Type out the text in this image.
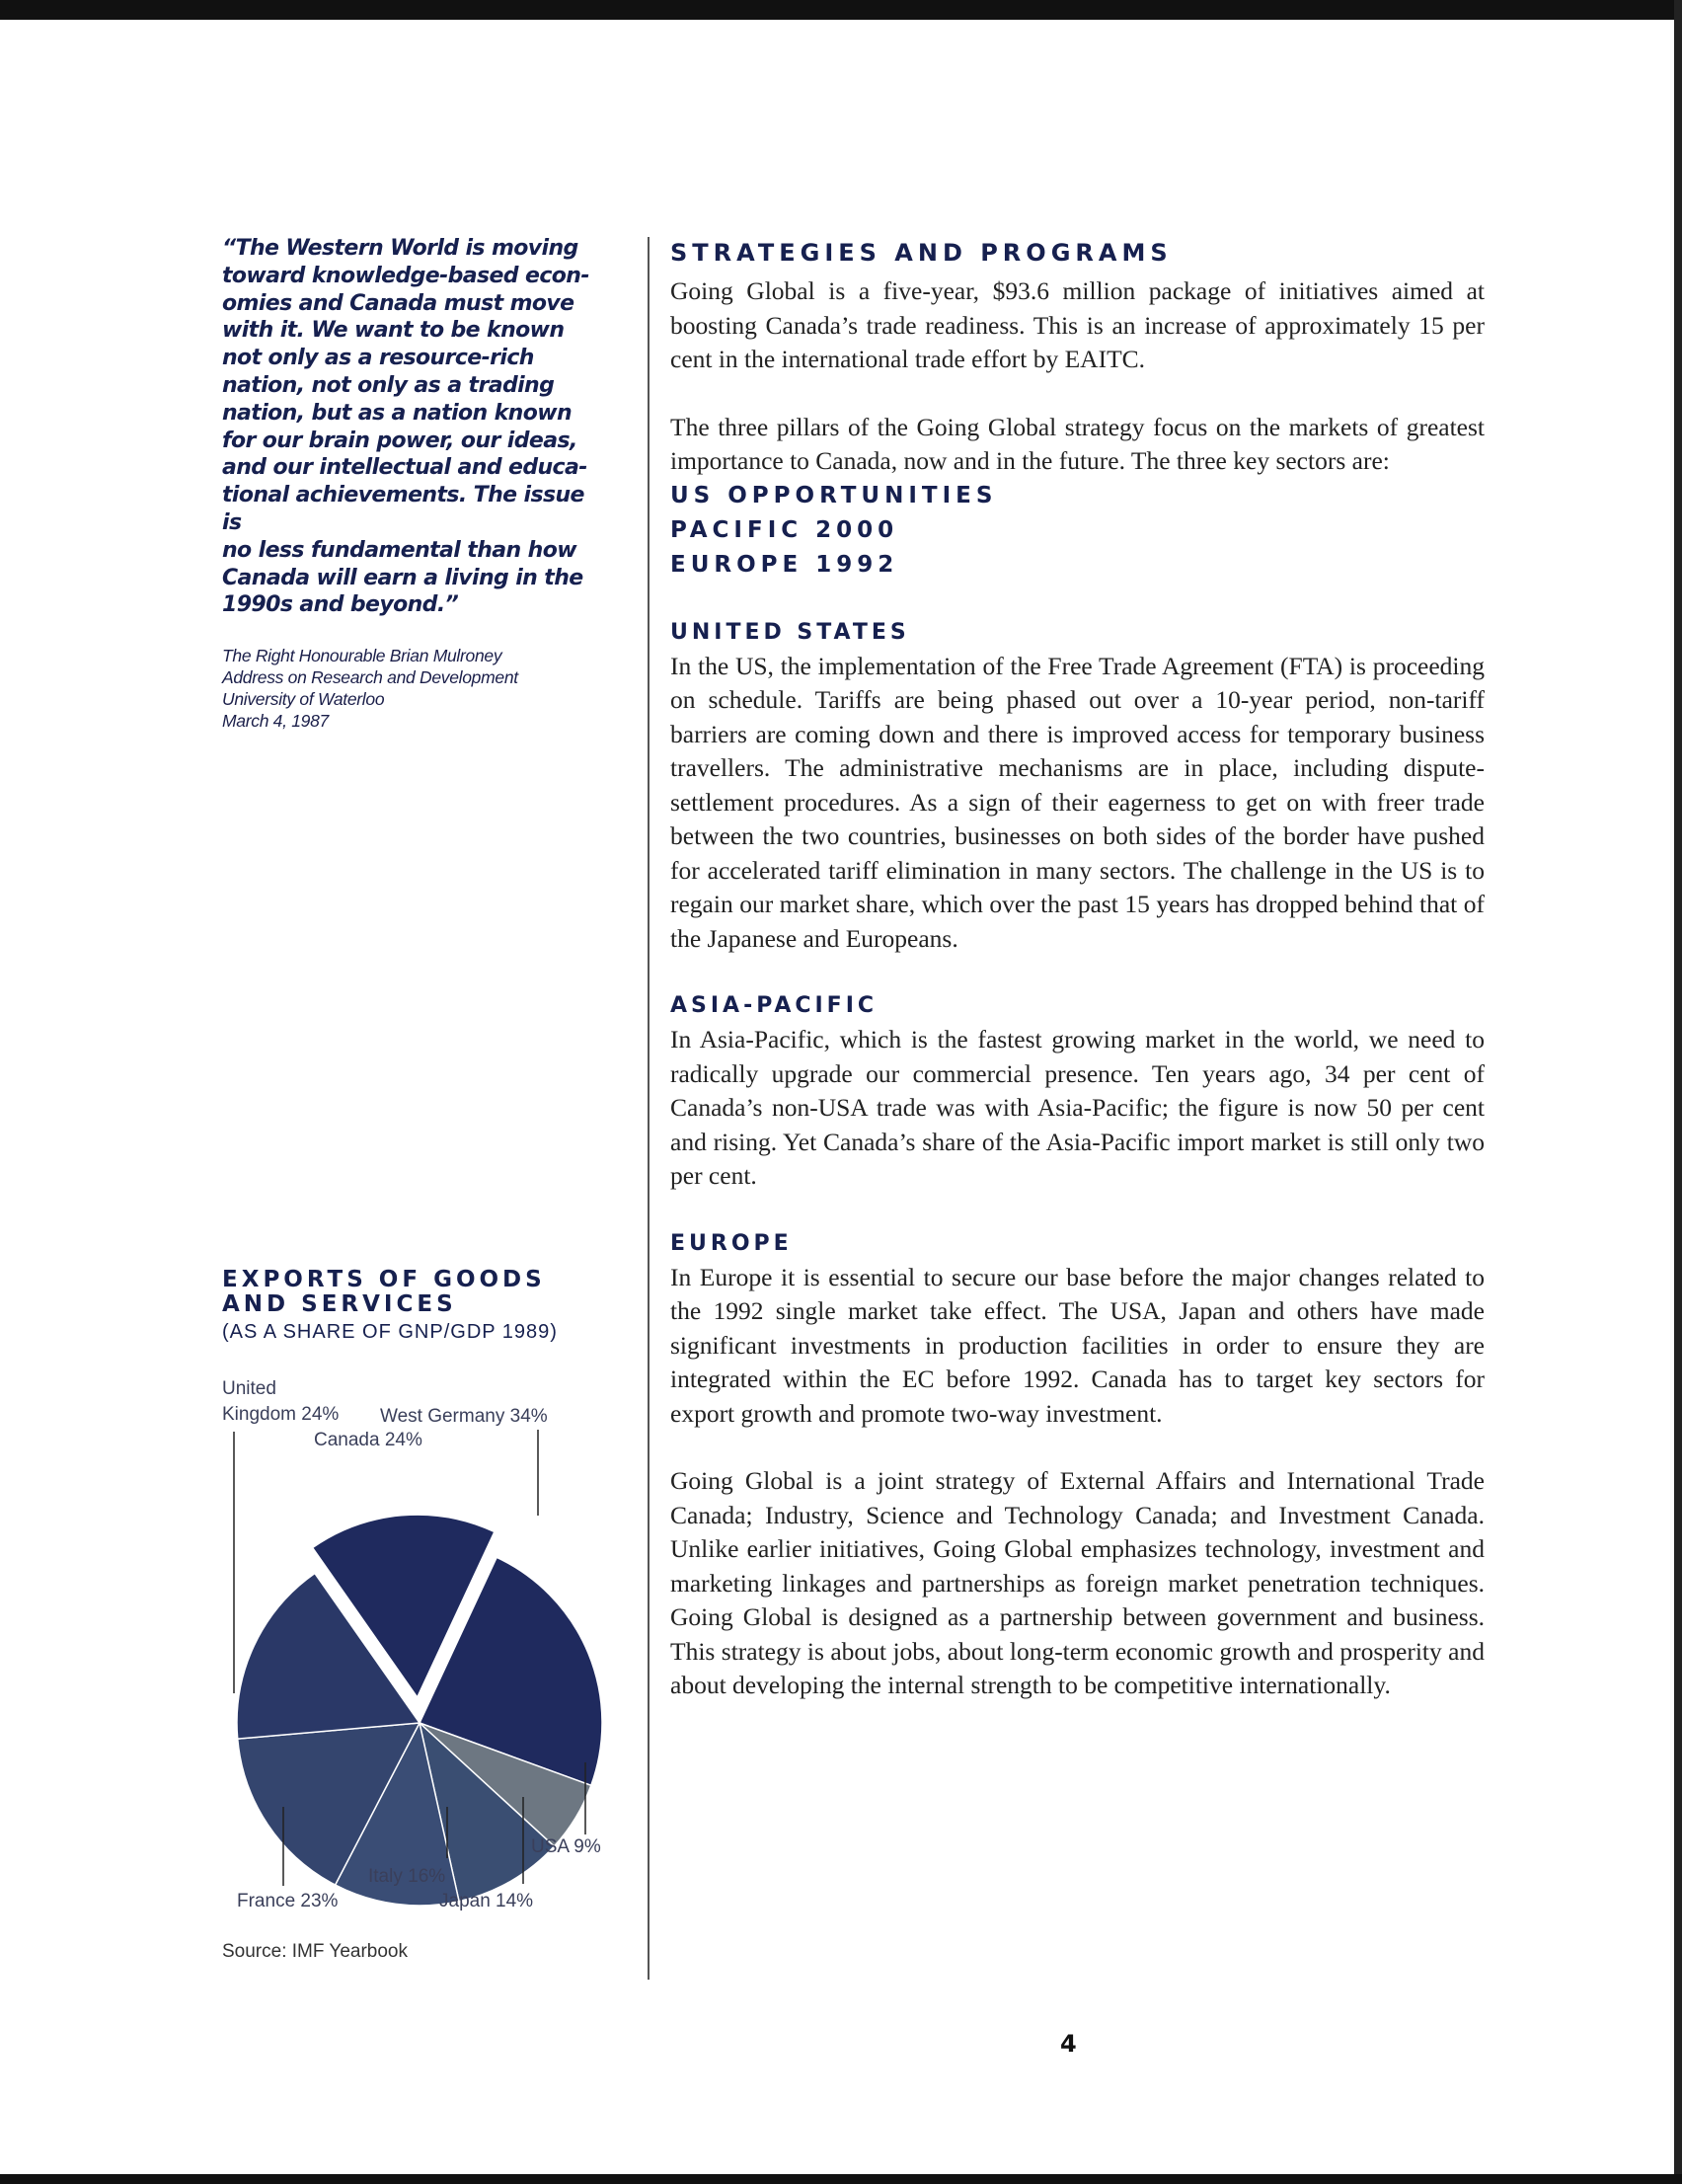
“The Western World is moving
toward knowledge-based econ-
omies and Canada must move
with it. We want to be known
not only as a resource-rich
nation, not only as a trading
nation, but as a nation known
for our brain power, our ideas,
and our intellectual and educa-
tional achievements. The issue is
no less fundamental than how
Canada will earn a living in the
1990s and beyond.”
The Right Honourable Brian Mulroney
Address on Research and Development
University of Waterloo
March 4, 1987
STRATEGIES AND PROGRAMS

Going Global is a five-year, $93.6 million package of initiatives aimed at boosting Canada’s trade readiness. This is an increase of approximately 15 per cent in the international trade effort by EAITC.

The three pillars of the Going Global strategy focus on the markets of greatest importance to Canada, now and in the future. The three key sectors are:

US OPPORTUNITIES
PACIFIC 2000
EUROPE 1992
UNITED STATES

In the US, the implementation of the Free Trade Agreement (FTA) is proceeding on schedule. Tariffs are being phased out over a 10-year period, non-tariff barriers are coming down and there is improved access for temporary business travellers. The administrative mechanisms are in place, including dispute-settlement procedures. As a sign of their eagerness to get on with freer trade between the two countries, businesses on both sides of the border have pushed for accelerated tariff elimination in many sectors. The challenge in the US is to regain our market share, which over the past 15 years has dropped behind that of the Japanese and Europeans.

ASIA-PACIFIC

In Asia-Pacific, which is the fastest growing market in the world, we need to radically upgrade our commercial presence. Ten years ago, 34 per cent of Canada’s non-USA trade was with Asia-Pacific; the figure is now 50 per cent and rising. Yet Canada’s share of the Asia-Pacific import market is still only two per cent.

EUROPE

In Europe it is essential to secure our base before the major changes related to the 1992 single market take effect. The USA, Japan and others have made significant investments in production facilities in order to ensure they are integrated within the EC before 1992. Canada has to target key sectors for export growth and promote two-way investment.

Going Global is a joint strategy of External Affairs and International Trade Canada; Industry, Science and Technology Canada; and Investment Canada. Unlike earlier initiatives, Going Global emphasizes technology, investment and marketing linkages and partnerships as foreign market penetration techniques. Going Global is designed as a partnership between government and business. This strategy is about jobs, about long-term economic growth and prosperity and about developing the internal strength to be competitive internationally.

EXPORTS OF GOODS
AND SERVICES
(AS A SHARE OF GNP/GDP 1989)
Canada 24%
West Germany 34%
USA 9%
Japan 14%
Italy 16%
France 23%
United
Kingdom 24%
Source: IMF Yearbook
4
